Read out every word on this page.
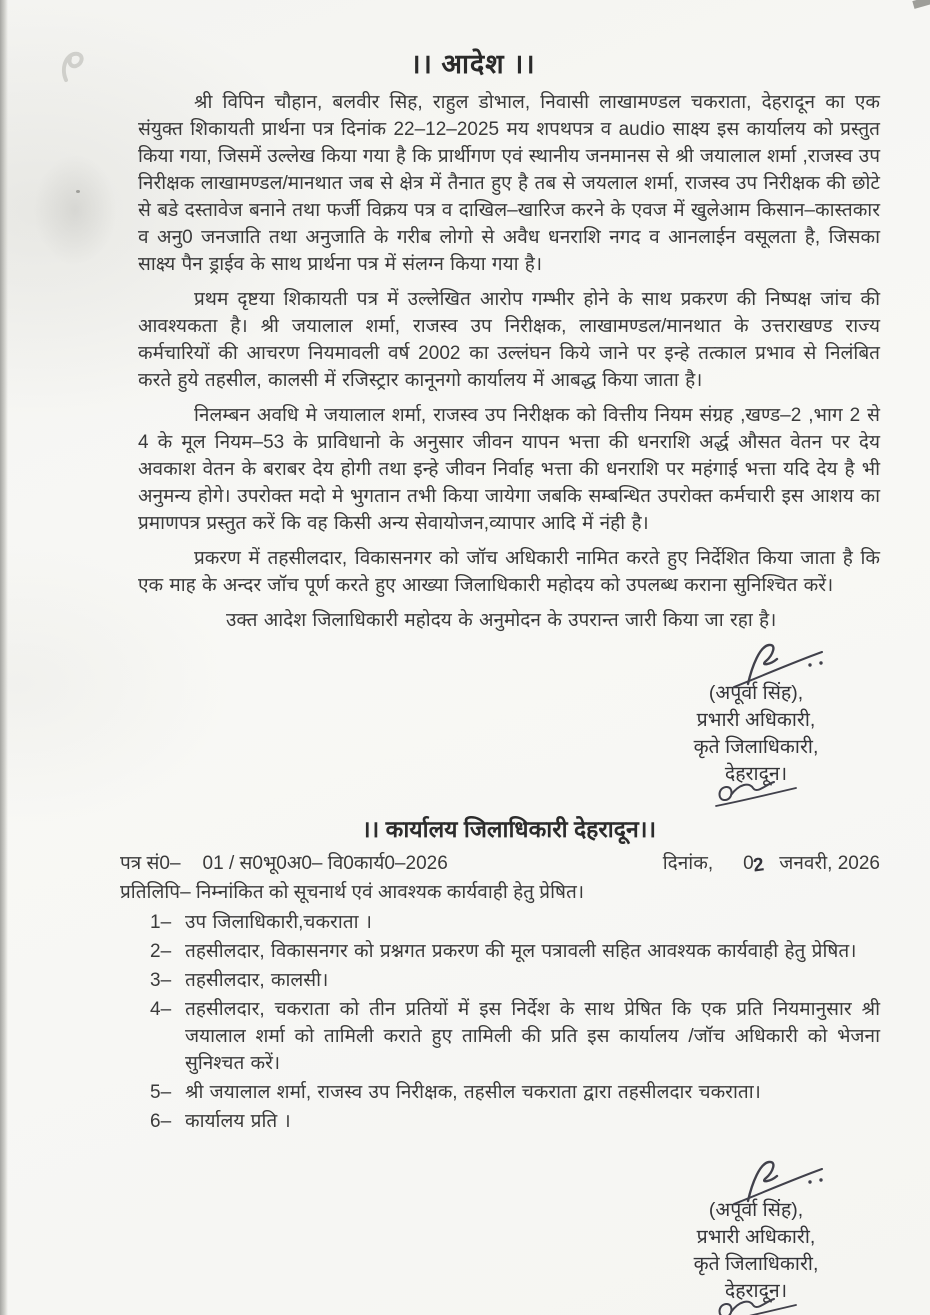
।। आदेश ।।

श्री विपिन चौहान, बलवीर सिह, राहुल डोभाल, निवासी लाखामण्डल चकराता, देहरादून का एक संयुक्त शिकायती प्रार्थना पत्र दिनांक 22–12–2025 मय शपथपत्र व audio साक्ष्य इस कार्यालय को प्रस्तुत किया गया, जिसमें उल्लेख किया गया है कि प्रार्थीगण एवं स्थानीय जनमानस से श्री जयालाल शर्मा ,राजस्व उप निरीक्षक लाखामण्डल/मानथात जब से क्षेत्र में तैनात हुए है तब से जयलाल शर्मा, राजस्व उप निरीक्षक की छोटे से बडे दस्तावेज बनाने तथा फर्जी विक्रय पत्र व दाखिल–खारिज करने के एवज में खुलेआम किसान–कास्तकार व अनु0 जनजाति तथा अनुजाति के गरीब लोगो से अवैध धनराशि नगद व आनलाईन वसूलता है, जिसका साक्ष्य पैन ड्राईव के साथ प्रार्थना पत्र में संलग्न किया गया है।

प्रथम दृष्टया शिकायती पत्र में उल्लेखित आरोप गम्भीर होने के साथ प्रकरण की निष्पक्ष जांच की आवश्यकता है। श्री जयालाल शर्मा, राजस्व उप निरीक्षक, लाखामण्डल/मानथात के उत्तराखण्ड राज्य कर्मचारियों की आचरण नियमावली वर्ष 2002 का उल्लंघन किये जाने पर इन्हे तत्काल प्रभाव से निलंबित करते हुये तहसील, कालसी में रजिस्ट्रार कानूनगो कार्यालय में आबद्ध किया जाता है।

निलम्बन अवधि मे जयालाल शर्मा, राजस्व उप निरीक्षक को वित्तीय नियम संग्रह ,खण्ड–2 ,भाग 2 से 4 के मूल नियम–53 के प्राविधानो के अनुसार जीवन यापन भत्ता की धनराशि अर्द्ध औसत वेतन पर देय अवकाश वेतन के बराबर देय होगी तथा इन्हे जीवन निर्वाह भत्ता की धनराशि पर महंगाई भत्ता यदि देय है भी अनुमन्य होगे। उपरोक्त मदो मे भुगतान तभी किया जायेगा जबकि सम्बन्धित उपरोक्त कर्मचारी इस आशय का प्रमाणपत्र प्रस्तुत करें कि वह किसी अन्य सेवायोजन,व्यापार आदि में नंही है।

प्रकरण में तहसीलदार, विकासनगर को जॉच अधिकारी नामित करते हुए निर्देशित किया जाता है कि एक माह के अन्दर जॉच पूर्ण करते हुए आख्या जिलाधिकारी महोदय को उपलब्ध कराना सुनिश्चित करें।

उक्त आदेश जिलाधिकारी महोदय के अनुमोदन के उपरान्त जारी किया जा रहा है।

(अपूर्वा सिंह),
प्रभारी अधिकारी,
कृते जिलाधिकारी,
देहरादून।
।। कार्यालय जिलाधिकारी देहरादून।।
पत्र सं0– 01 / स0भू0अ0– वि0कार्य0–2026	दिनांक, 0
2 जनवरी, 2026
प्रतिलिपि– निम्नांकित को सूचनार्थ एवं आवश्यक कार्यवाही हेतु प्रेषित।
1– उप जिलाधिकारी,चकराता ।
2– तहसीलदार, विकासनगर को प्रश्नगत प्रकरण की मूल पत्रावली सहित आवश्यक कार्यवाही हेतु प्रेषित।
3– तहसीलदार, कालसी।
4– तहसीलदार, चकराता को तीन प्रतियों में इस निर्देश के साथ प्रेषित कि एक प्रति नियमानुसार श्री जयालाल शर्मा को तामिली कराते हुए तामिली की प्रति इस कार्यालय /जॉच अधिकारी को भेजना सुनिश्चत करें।
5– श्री जयालाल शर्मा, राजस्व उप निरीक्षक, तहसील चकराता द्वारा तहसीलदार चकराता।
6– कार्यालय प्रति ।
(अपूर्वा सिंह),
प्रभारी अधिकारी,
कृते जिलाधिकारी,
देहरादून।
